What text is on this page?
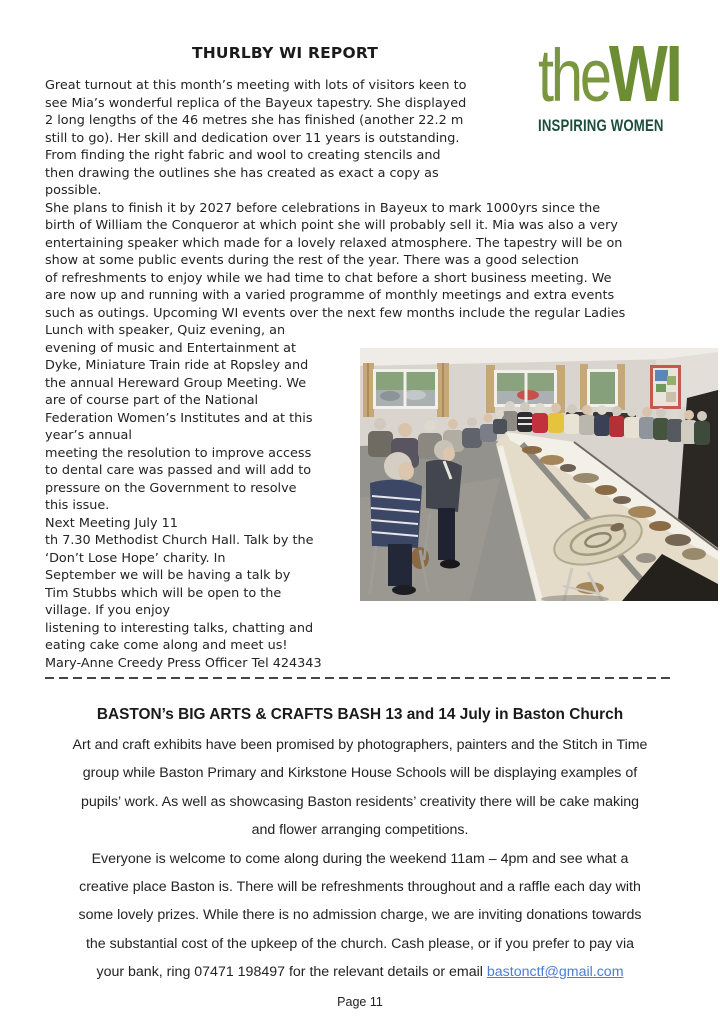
THURLBY WI REPORT
Great turnout at this month’s meeting with lots of visitors keen to
see Mia’s wonderful replica of the Bayeux tapestry. She displayed
2 long lengths of the 46 metres she has finished (another 22.2 m
still to go). Her skill and dedication over 11 years is outstanding.
From finding the right fabric and wool to creating stencils and
then drawing the outlines she has created as exact a copy as
possible.
She plans to finish it by 2027 before celebrations in Bayeux to mark 1000yrs since the
birth of William the Conqueror at which point she will probably sell it. Mia was also a very
entertaining speaker which made for a lovely relaxed atmosphere. The tapestry will be on
show at some public events during the rest of the year. There was a good selection
of refreshments to enjoy while we had time to chat before a short business meeting. We
are now up and running with a varied programme of monthly meetings and extra events
such as outings. Upcoming WI events over the next few months include the regular Ladies
Lunch with speaker, Quiz evening, an
evening of music and Entertainment at
Dyke, Miniature Train ride at Ropsley and
the annual Hereward Group Meeting. We
are of course part of the National
Federation Women’s Institutes and at this
year’s annual
meeting the resolution to improve access
to dental care was passed and will add to
pressure on the Government to resolve
this issue.
Next Meeting July 11
th 7.30 Methodist Church Hall. Talk by the
‘Don’t Lose Hope’ charity. In
September we will be having a talk by
Tim Stubbs which will be open to the
village. If you enjoy
listening to interesting talks, chatting and
eating cake come along and meet us!
Mary-Anne Creedy Press Officer Tel 424343
BASTON’s BIG ARTS & CRAFTS BASH 13 and 14 July in Baston Church
Art and craft exhibits have been promised by photographers, painters and the Stitch in Time
group while Baston Primary and Kirkstone House Schools will be displaying examples of
pupils’ work. As well as showcasing Baston residents’ creativity there will be cake making
and flower arranging competitions.
Everyone is welcome to come along during the weekend 11am – 4pm and see what a
creative place Baston is. There will be refreshments throughout and a raffle each day with
some lovely prizes. While there is no admission charge, we are inviting donations towards
the substantial cost of the upkeep of the church. Cash please, or if you prefer to pay via
your bank, ring 07471 198497 for the relevant details or email bastonctf@gmail.com
Page 11
theWI
INSPIRING WOMEN
